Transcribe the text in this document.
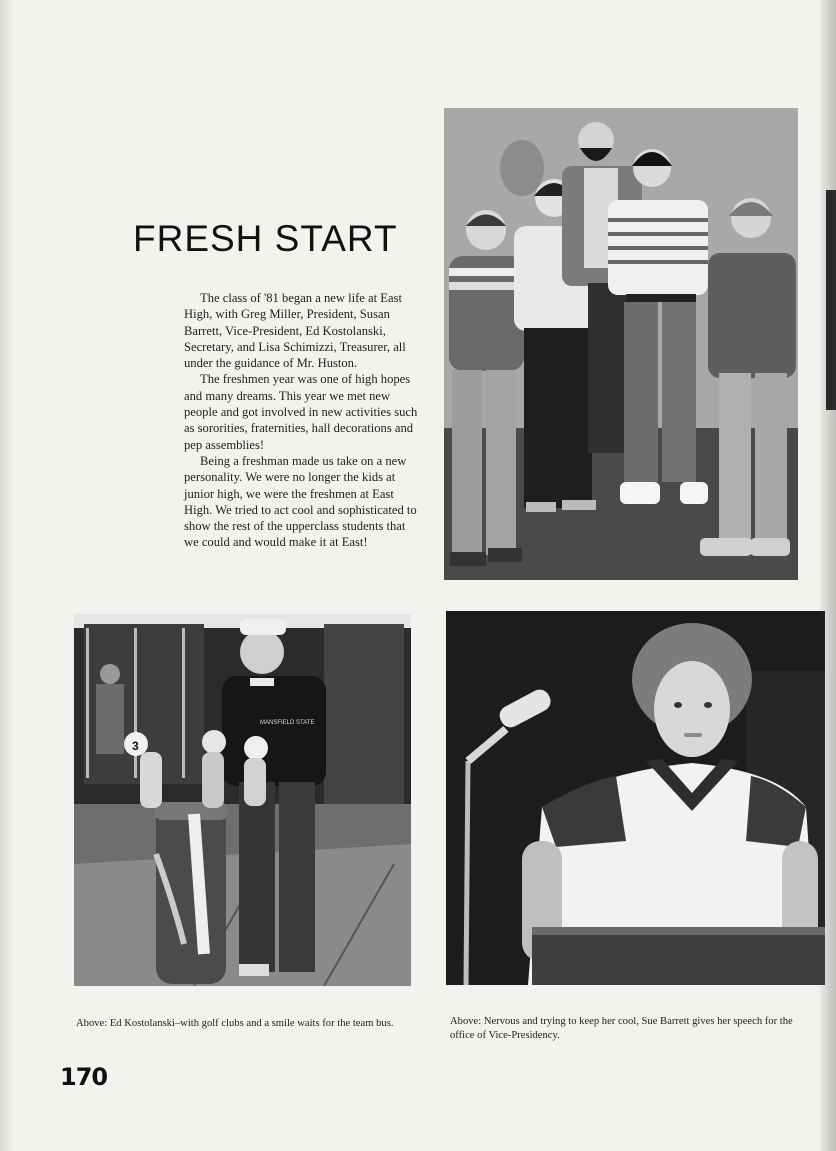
FRESH START

The class of '81 began a new life at East High, with Greg Miller, President, Susan Barrett, Vice-President, Ed Kostolanski, Secretary, and Lisa Schimizzi, Treasurer, all under the guidance of Mr. Huston.

The freshmen year was one of high hopes and many dreams. This year we met new people and got involved in new activities such as sororities, fraternities, hall decorations and pep assemblies!

Being a freshman made us take on a new personality. We were no longer the kids at junior high, we were the freshmen at East High. We tried to act cool and sophisticated to show the rest of the upperclass students that we could and would make it at East!

MANSFIELD STATE
3
Above: Ed Kostolanski–with golf clubs and a smile waits for the team bus.	Above: Nervous and trying to keep her cool, Sue Barrett gives her speech for the office of Vice-Presidency.
170
